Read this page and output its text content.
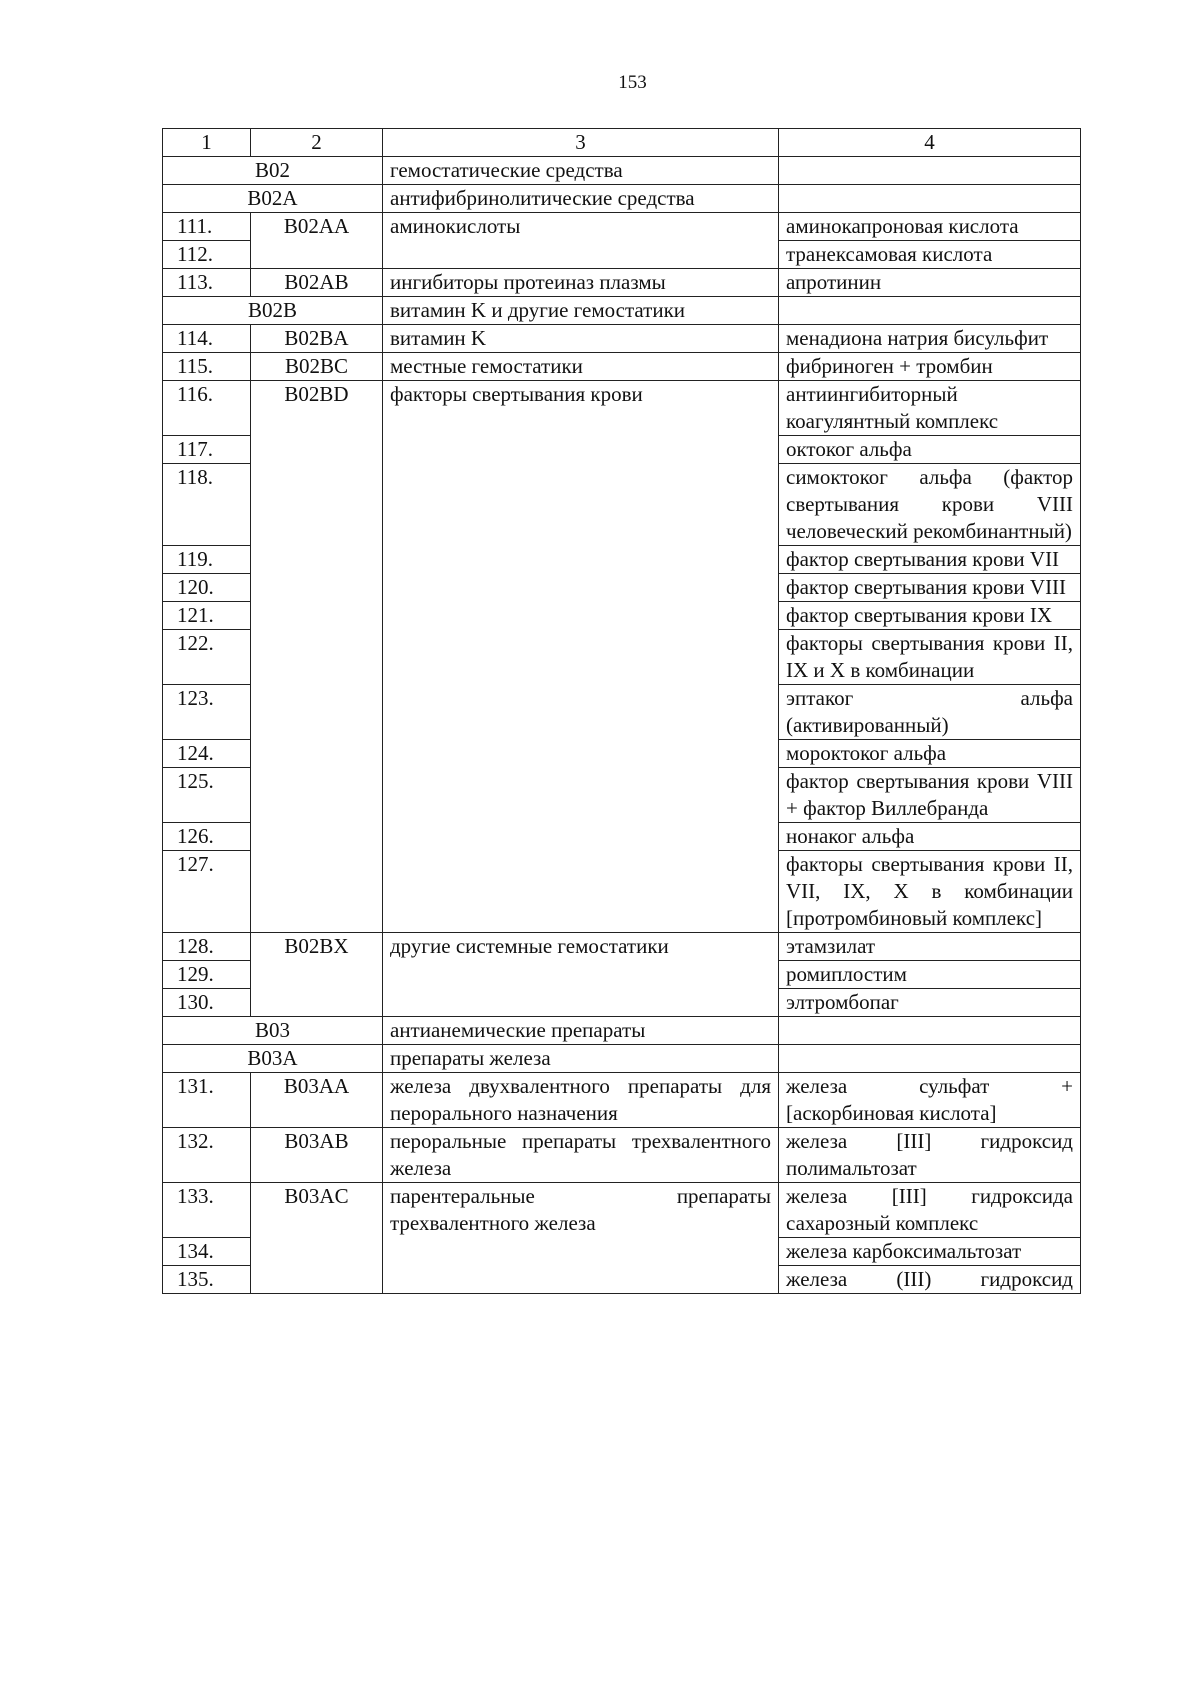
153
1	2	3	4
B02		гемостатические средства	
B02A		антифибринолитические средства	
111.	B02AA	аминокислоты	аминокапроновая кислота
112.			транексамовая кислота
113.	B02AB	ингибиторы протеиназ плазмы	апротинин
B02B		витамин K и другие гемостатики	
114.	B02BA	витамин K	менадиона натрия бисульфит
115.	B02BC	местные гемостатики	фибриноген + тромбин
116.	B02BD	факторы свертывания крови	антиингибиторный коагулянтный комплекс
117.			октоког альфа
118.			симоктоког альфа (фактор свертывания крови VIII человеческий рекомбинантный)
119.			фактор свертывания крови VII
120.			фактор свертывания крови VIII
121.			фактор свертывания крови IX
122.			факторы свертывания крови II, IX и X в комбинации
123.			эптаког альфа (активированный)
124.			мороктоког альфа
125.			фактор свертывания крови VIII + фактор Виллебранда
126.			нонаког альфа
127.			факторы свертывания крови II, VII, IX, X в комбинации [протромбиновый комплекс]
128.	B02BX	другие системные гемостатики	этамзилат
129.			ромиплостим
130.			элтромбопаг
B03		антианемические препараты	
B03A		препараты железа	
131.	B03AA	железа двухвалентного препараты для перорального назначения	железа сульфат + [аскорбиновая кислота]
132.	B03AB	пероральные препараты трехвалентного железа	железа [III] гидроксид полимальтозат
133.	B03AC	парентеральные препараты трехвалентного железа	железа [III] гидроксида сахарозный комплекс
134.			железа карбоксимальтозат
135.			железа (III) гидроксид
